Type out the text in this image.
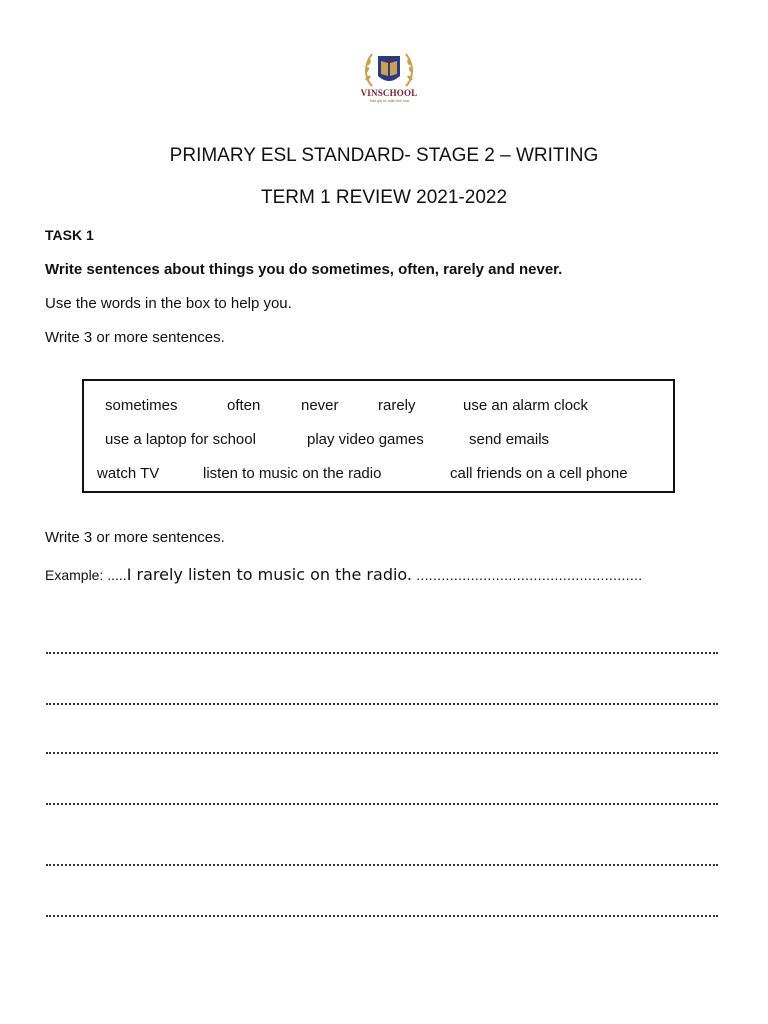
VINSCHOOL
Trao giá trị, nhận tinh hoa
PRIMARY ESL STANDARD- STAGE 2 – WRITING
TERM 1 REVIEW 2021-2022
TASK 1
Write sentences about things you do sometimes, often, rarely and never.
Use the words in the box to help you.
Write 3 or more sentences.
sometimes	often	never	rarely	use an alarm clock
use a laptop for school	play video games	send emails
watch TV	listen to music on the radio	call friends on a cell phone
Write 3 or more sentences.
Example: .....I rarely listen to music on the radio. ......................................................
